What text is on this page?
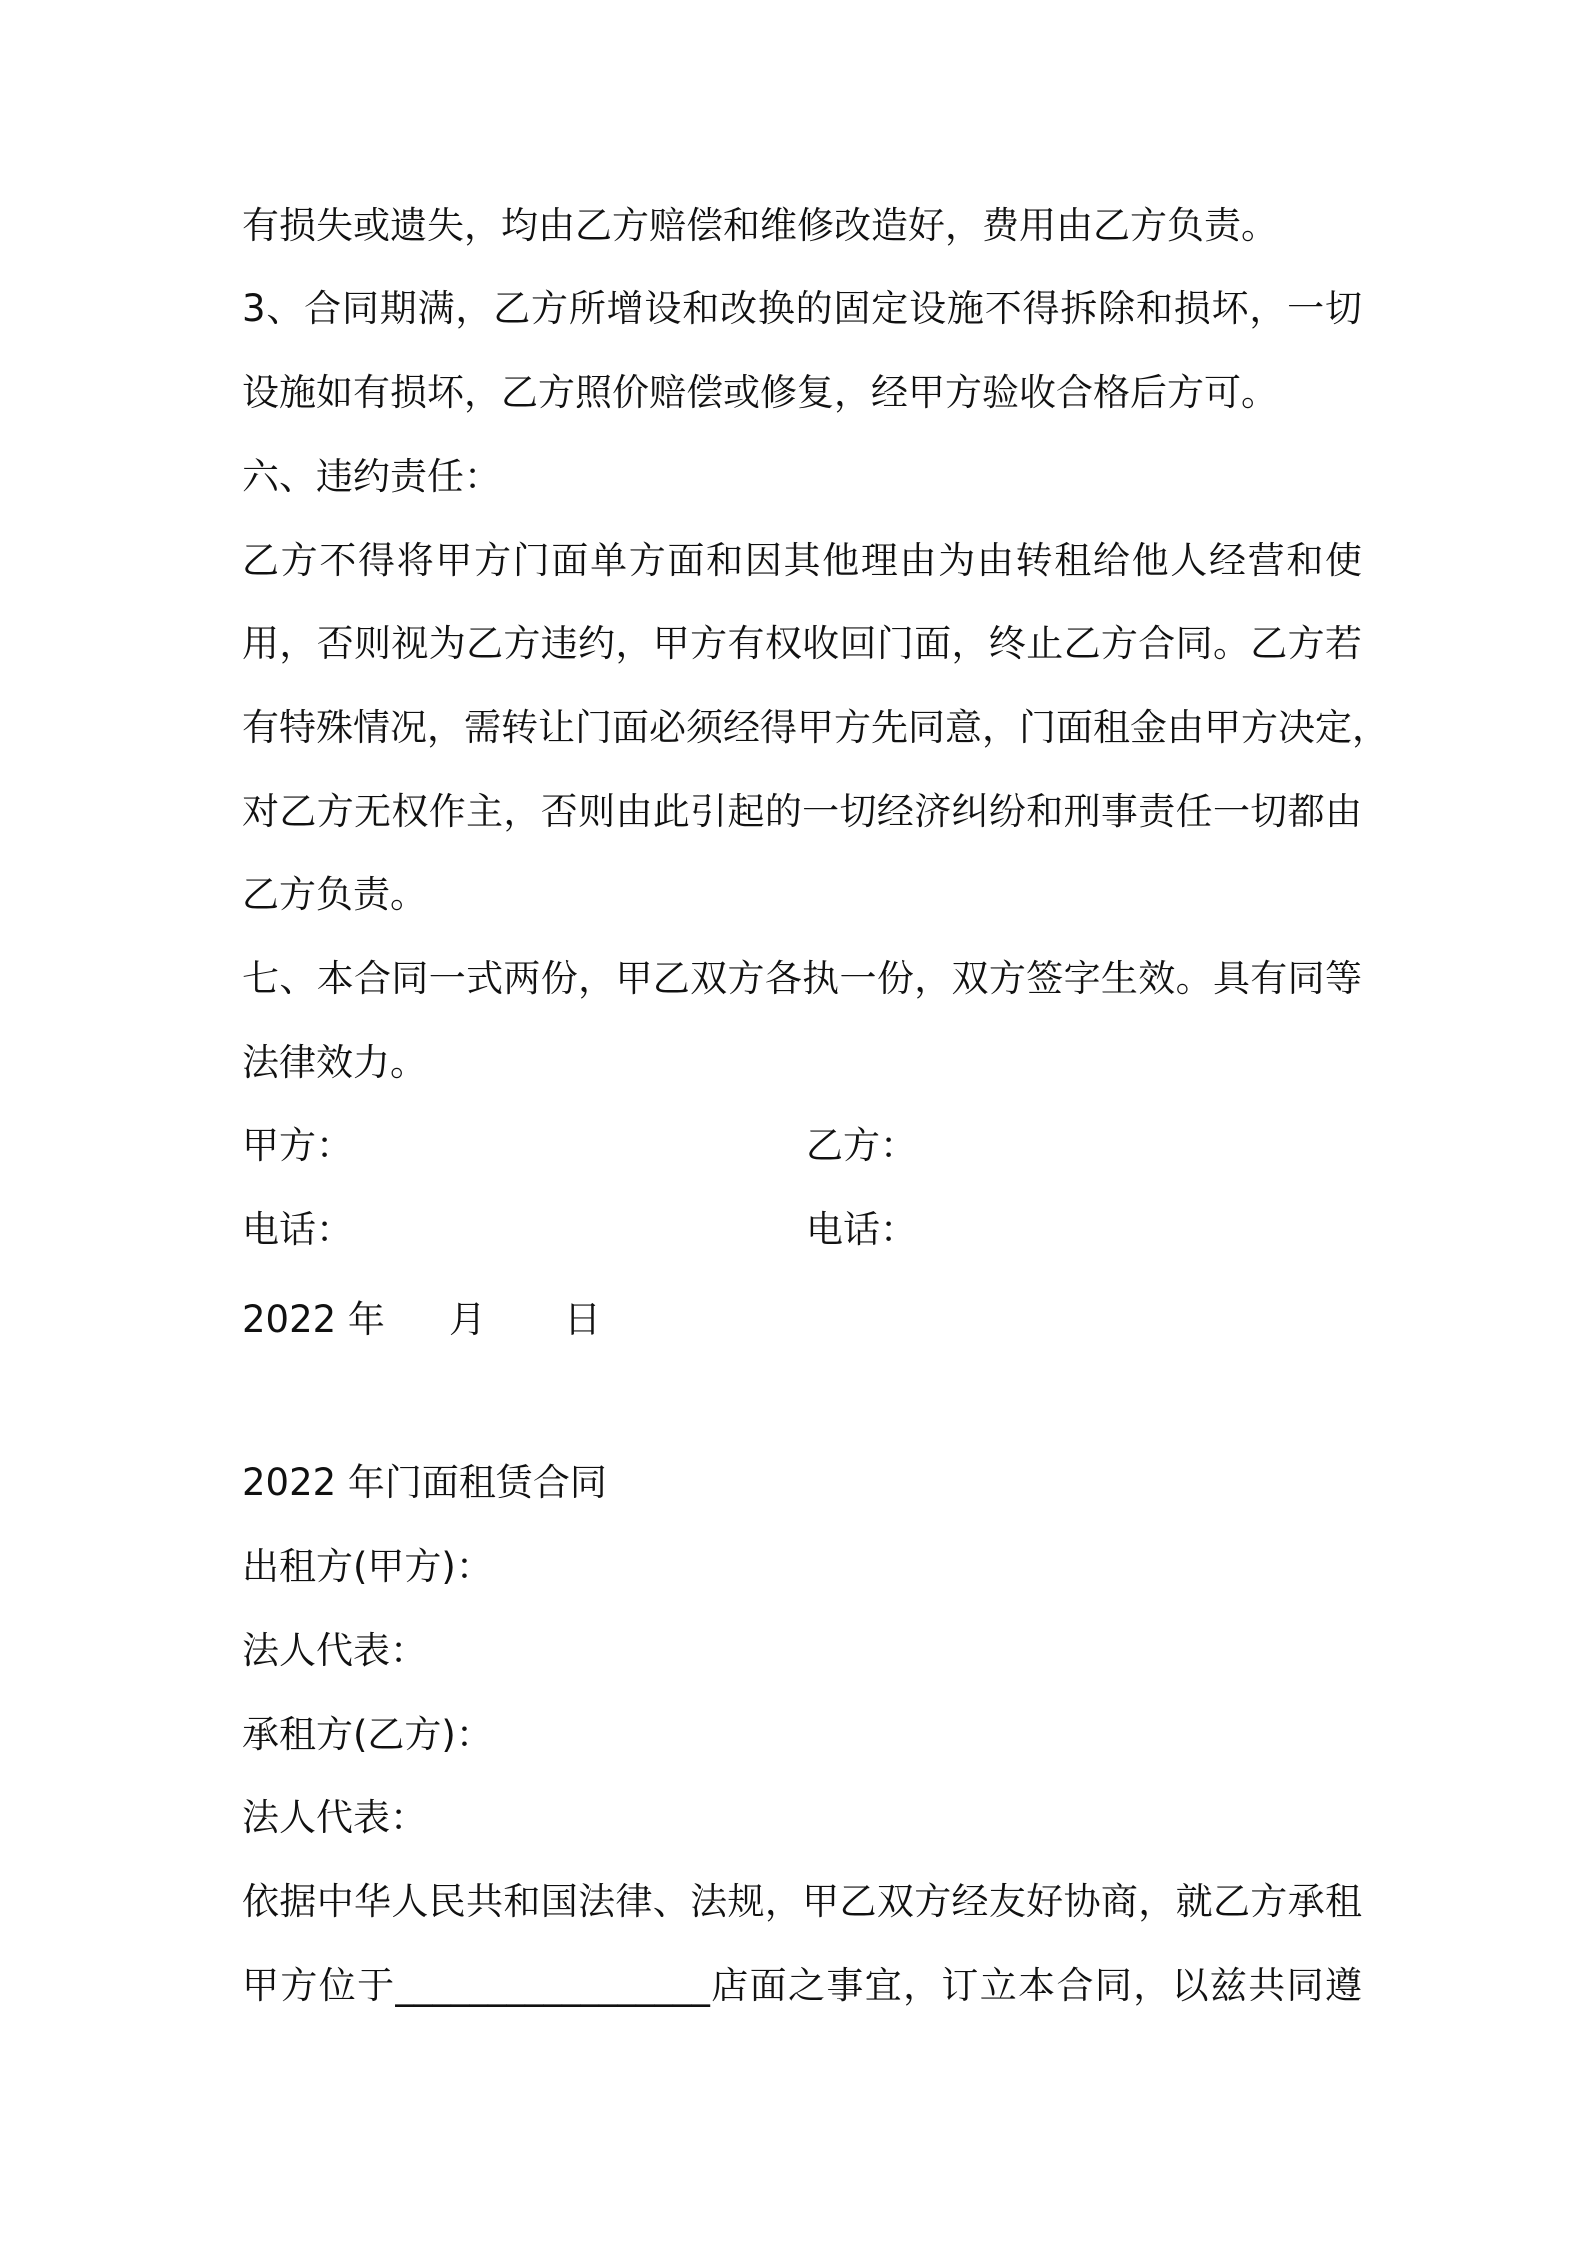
有损失或遗失，均由乙方赔偿和维修改造好，费用由乙方负责。
3、合同期满，乙方所增设和改换的固定设施不得拆除和损坏，一切
设施如有损坏，乙方照价赔偿或修复，经甲方验收合格后方可。
六、违约责任：
乙方不得将甲方门面单方面和因其他理由为由转租给他人经营和使
用，否则视为乙方违约，甲方有权收回门面，终止乙方合同。乙方若
有特殊情况，需转让门面必须经得甲方先同意，门面租金由甲方决定，
对乙方无权作主，否则由此引起的一切经济纠纷和刑事责任一切都由
乙方负责。
七、本合同一式两份，甲乙双方各执一份，双方签字生效。具有同等
法律效力。
甲方：	乙方：
电话：	电话：
2022 年 月 日
2022 年门面租赁合同
出租方(甲方)：
法人代表：
承租方(乙方)：
法人代表：
依据中华人民共和国法律、法规，甲乙双方经友好协商，就乙方承租
甲方位于_________________店面之事宜，订立本合同，以兹共同遵
